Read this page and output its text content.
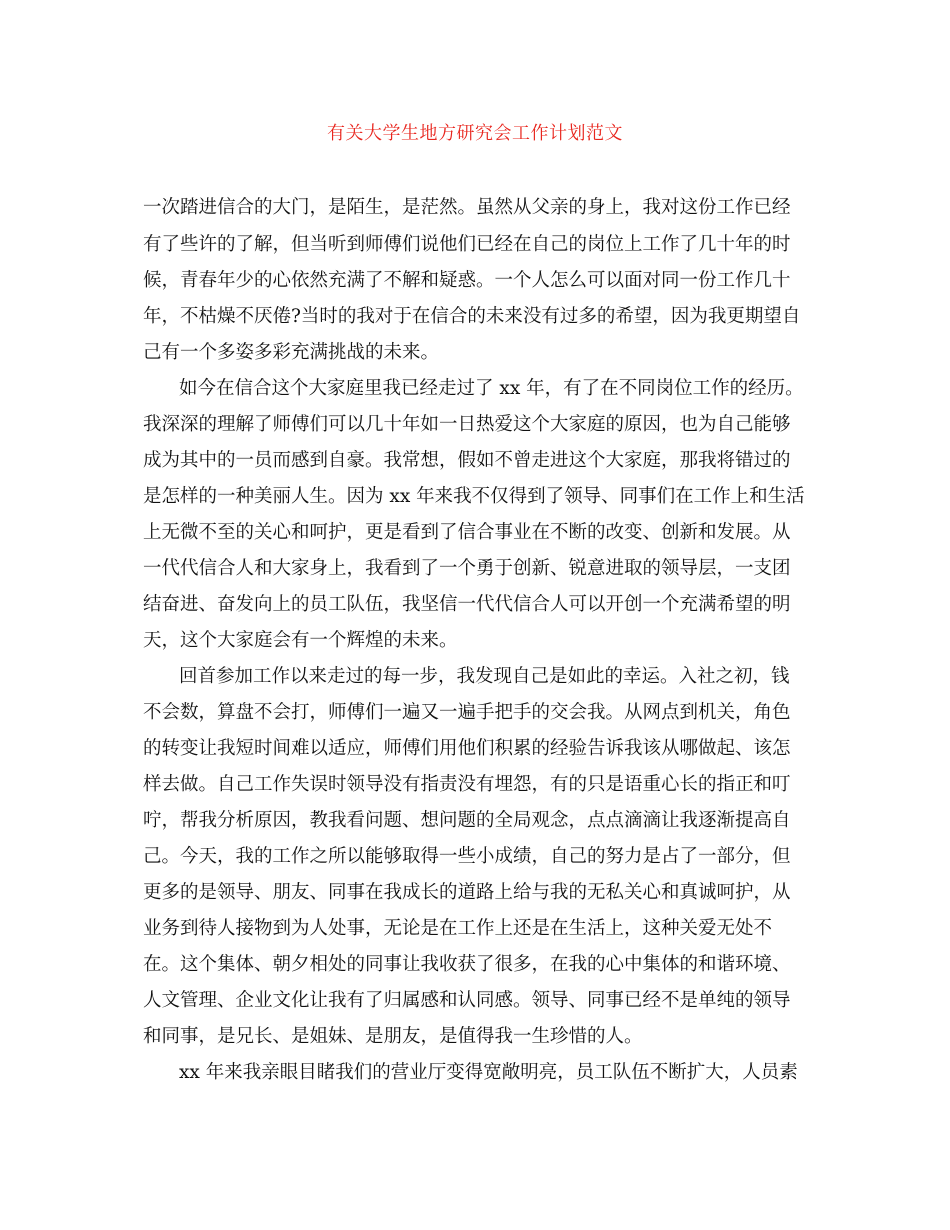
有关大学生地方研究会工作计划范文
一次踏进信合的大门，是陌生，是茫然。虽然从父亲的身上，我对这份工作已经
有了些许的了解，但当听到师傅们说他们已经在自己的岗位上工作了几十年的时
候，青春年少的心依然充满了不解和疑惑。一个人怎么可以面对同一份工作几十
年，不枯燥不厌倦?当时的我对于在信合的未来没有过多的希望，因为我更期望自
己有一个多姿多彩充满挑战的未来。
如今在信合这个大家庭里我已经走过了 xx 年，有了在不同岗位工作的经历。
我深深的理解了师傅们可以几十年如一日热爱这个大家庭的原因，也为自己能够
成为其中的一员而感到自豪。我常想，假如不曾走进这个大家庭，那我将错过的
是怎样的一种美丽人生。因为 xx 年来我不仅得到了领导、同事们在工作上和生活
上无微不至的关心和呵护，更是看到了信合事业在不断的改变、创新和发展。从
一代代信合人和大家身上，我看到了一个勇于创新、锐意进取的领导层，一支团
结奋进、奋发向上的员工队伍，我坚信一代代信合人可以开创一个充满希望的明
天，这个大家庭会有一个辉煌的未来。
回首参加工作以来走过的每一步，我发现自己是如此的幸运。入社之初，钱
不会数，算盘不会打，师傅们一遍又一遍手把手的交会我。从网点到机关，角色
的转变让我短时间难以适应，师傅们用他们积累的经验告诉我该从哪做起、该怎
样去做。自己工作失误时领导没有指责没有埋怨，有的只是语重心长的指正和叮
咛，帮我分析原因，教我看问题、想问题的全局观念，点点滴滴让我逐渐提高自
己。今天，我的工作之所以能够取得一些小成绩，自己的努力是占了一部分，但
更多的是领导、朋友、同事在我成长的道路上给与我的无私关心和真诚呵护，从
业务到待人接物到为人处事，无论是在工作上还是在生活上，这种关爱无处不
在。这个集体、朝夕相处的同事让我收获了很多，在我的心中集体的和谐环境、
人文管理、企业文化让我有了归属感和认同感。领导、同事已经不是单纯的领导
和同事，是兄长、是姐妹、是朋友，是值得我一生珍惜的人。
xx 年来我亲眼目睹我们的营业厅变得宽敞明亮，员工队伍不断扩大，人员素
